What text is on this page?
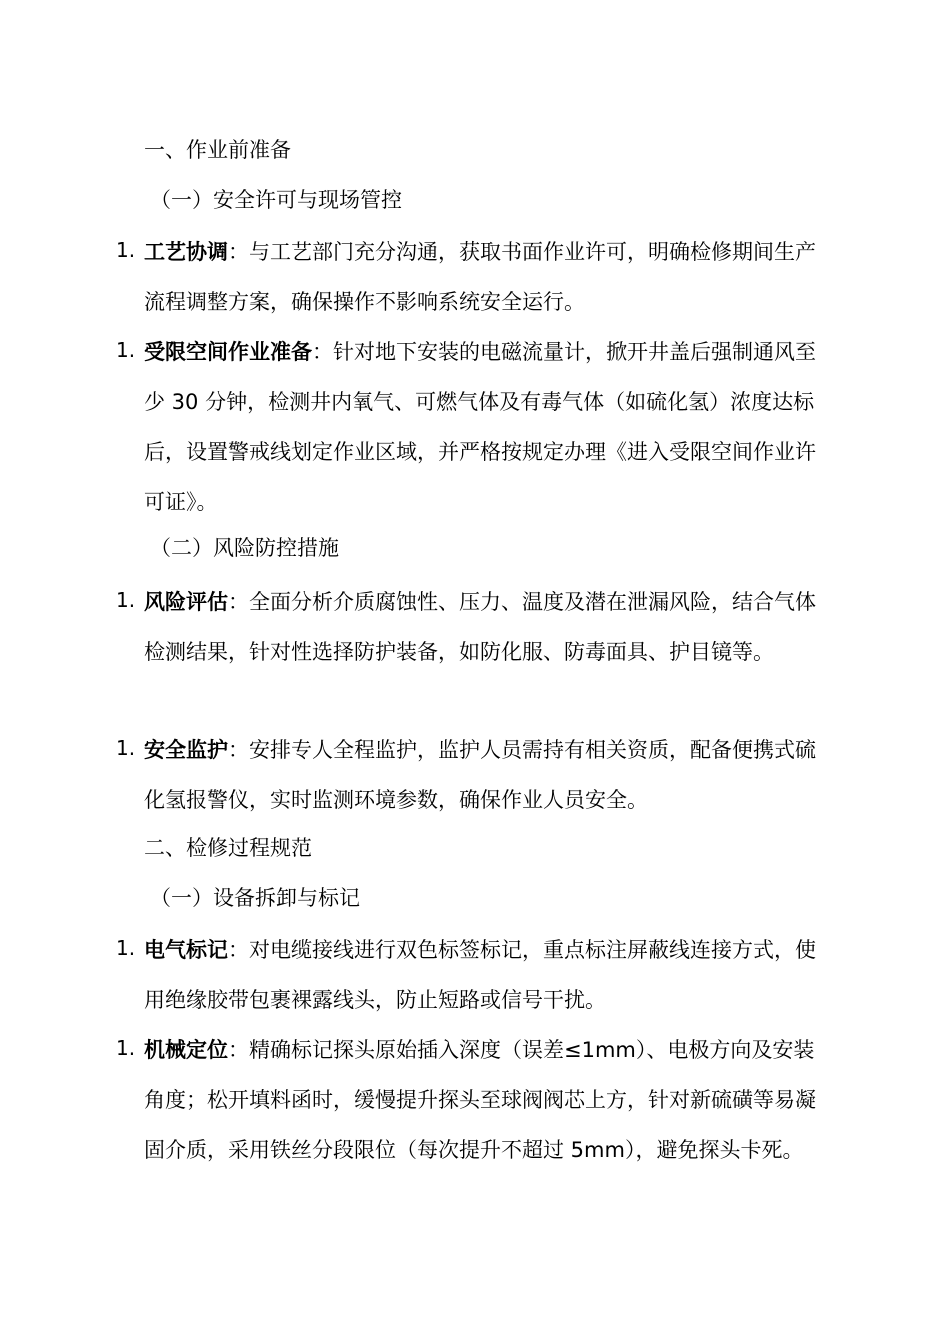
一、作业前准备
（一）安全许可与现场管控
1. 工艺协调：与工艺部门充分沟通，获取书面作业许可，明确检修期间生产流程调整方案，确保操作不影响系统安全运行。
1. 受限空间作业准备：针对地下安装的电磁流量计，掀开井盖后强制通风至少 30 分钟，检测井内氧气、可燃气体及有毒气体（如硫化氢）浓度达标后，设置警戒线划定作业区域，并严格按规定办理《进入受限空间作业许可证》。
（二）风险防控措施
1. 风险评估：全面分析介质腐蚀性、压力、温度及潜在泄漏风险，结合气体检测结果，针对性选择防护装备，如防化服、防毒面具、护目镜等。
1. 安全监护：安排专人全程监护，监护人员需持有相关资质，配备便携式硫化氢报警仪，实时监测环境参数，确保作业人员安全。
二、检修过程规范
（一）设备拆卸与标记
1. 电气标记：对电缆接线进行双色标签标记，重点标注屏蔽线连接方式，使用绝缘胶带包裹裸露线头，防止短路或信号干扰。
1. 机械定位：精确标记探头原始插入深度（误差≤1mm）、电极方向及安装角度；松开填料函时，缓慢提升探头至球阀阀芯上方，针对新硫磺等易凝固介质，采用铁丝分段限位（每次提升不超过 5mm），避免探头卡死。
